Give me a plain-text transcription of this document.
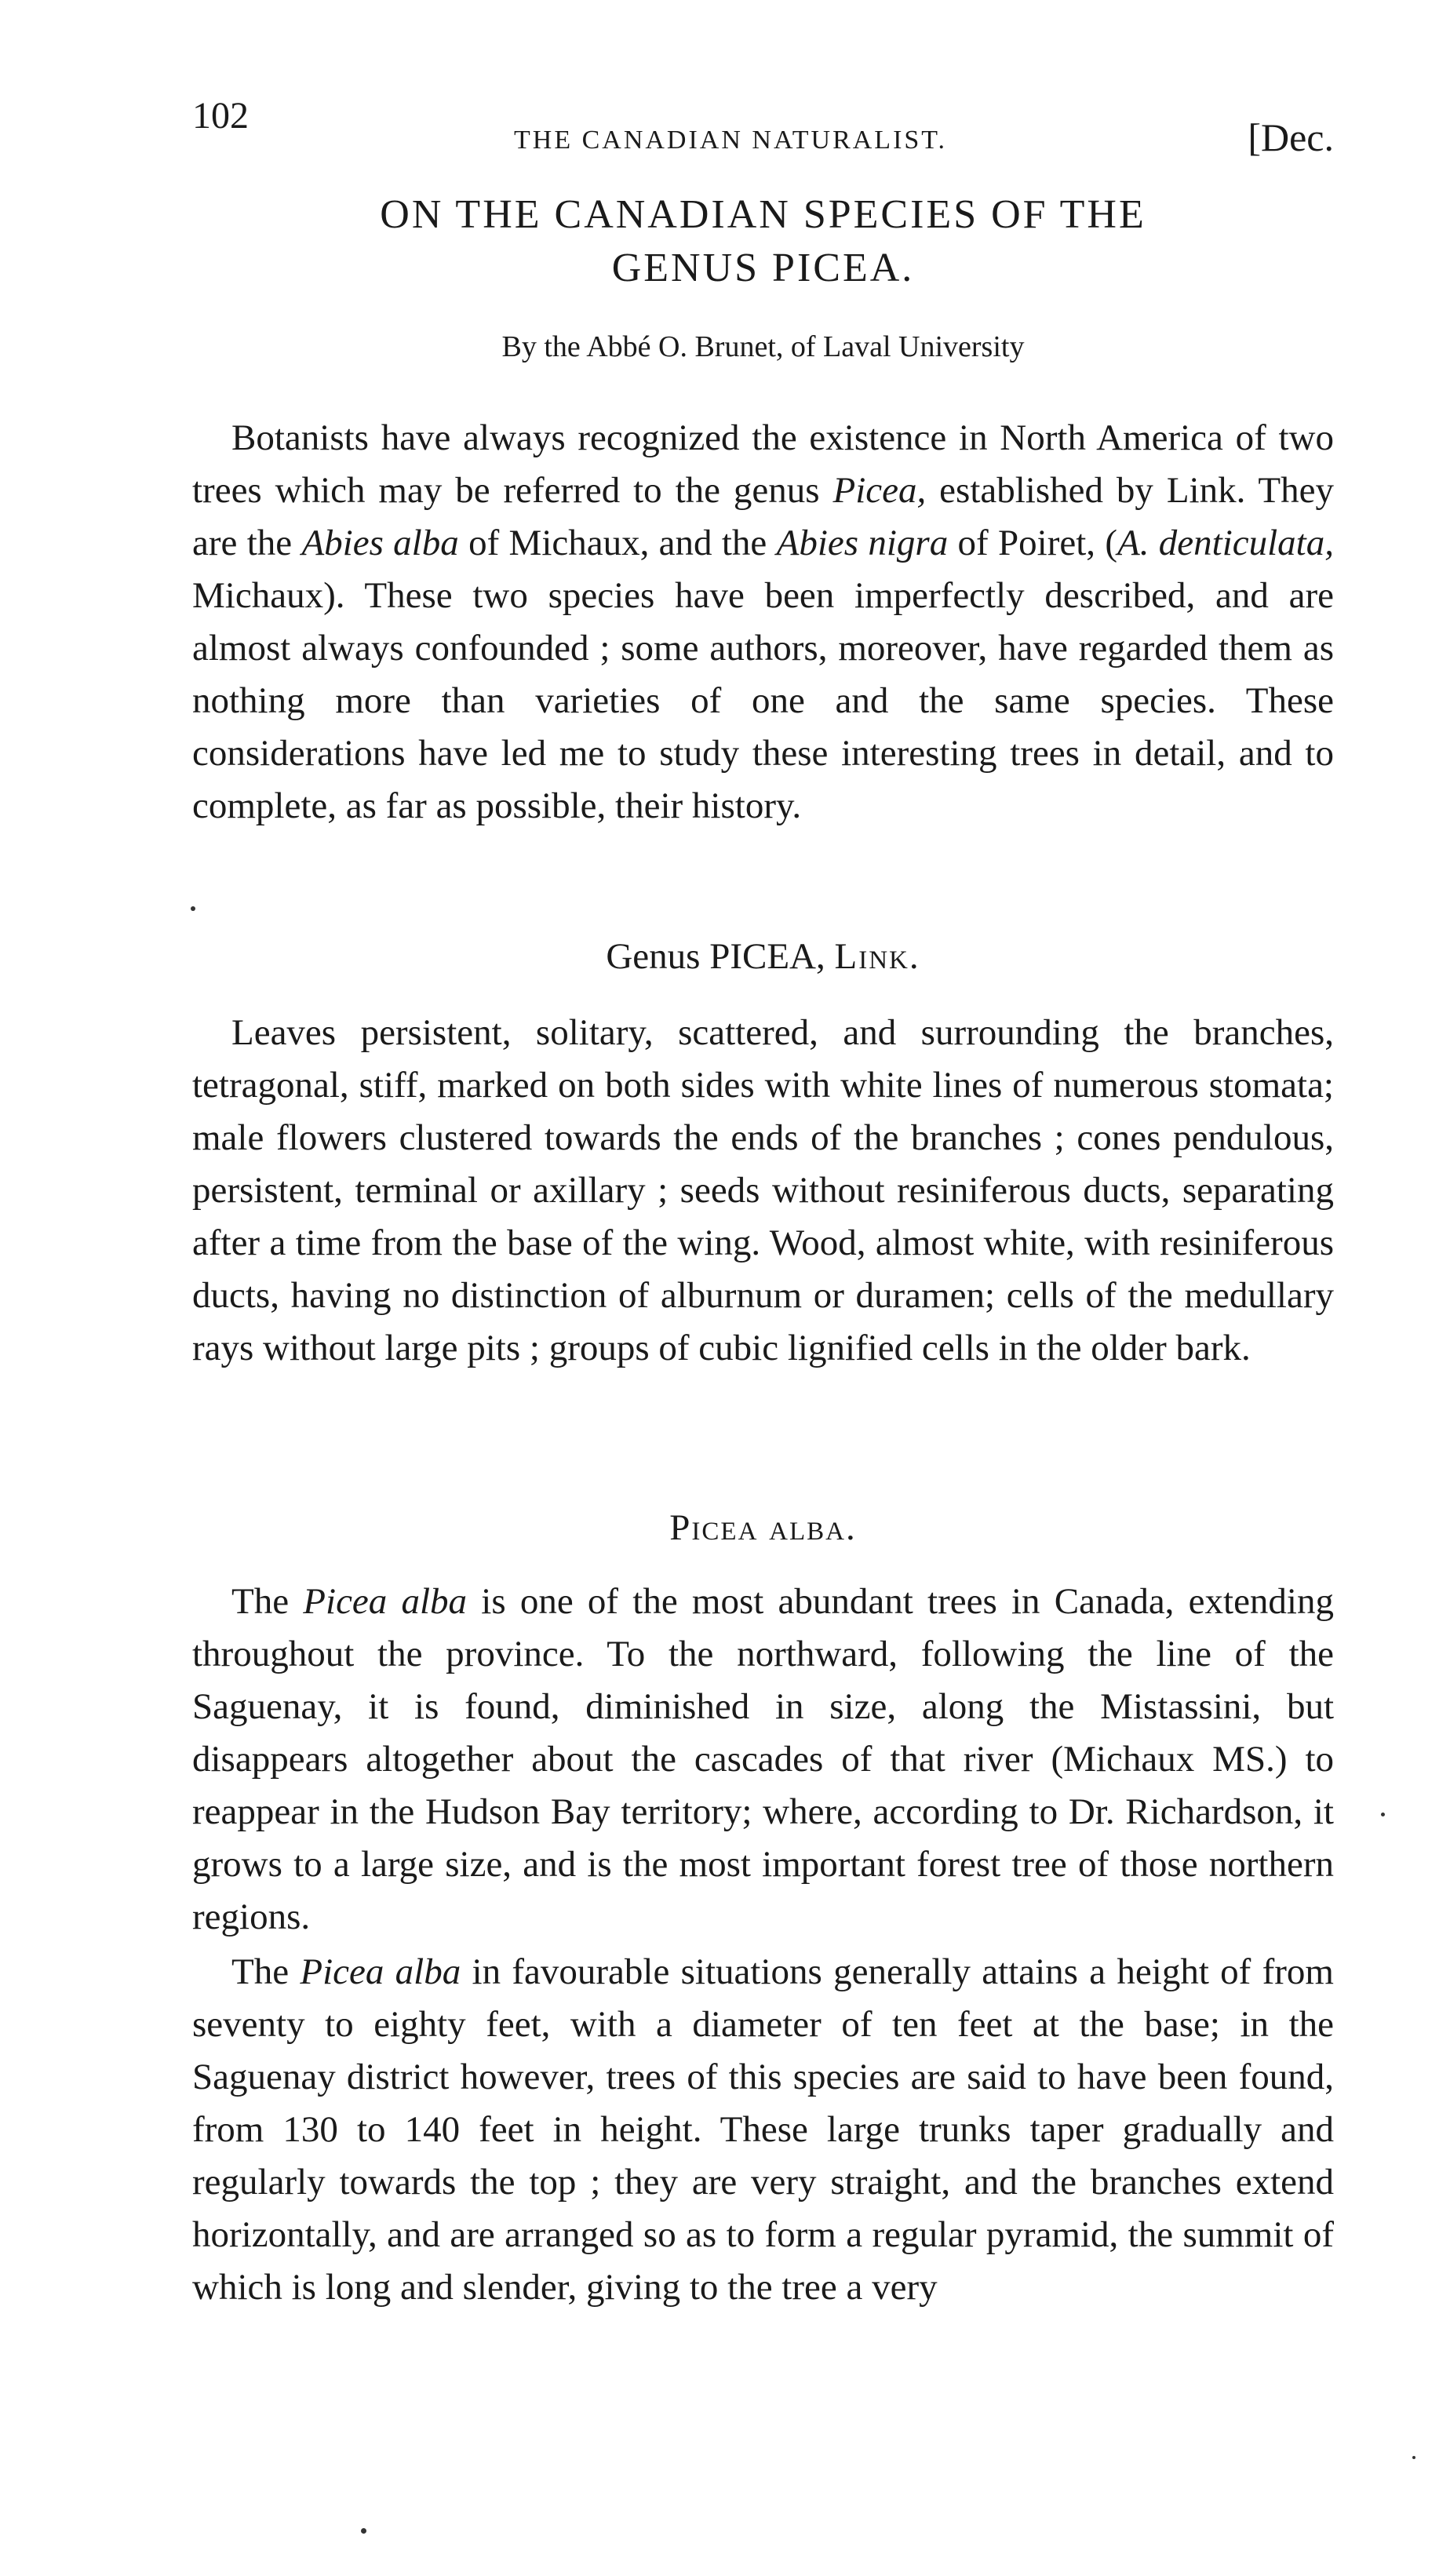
102
THE CANADIAN NATURALIST.	[Dec.
ON THE CANADIAN SPECIES OF THE
GENUS PICEA.
By the Abbé O. Brunet, of Laval University

Botanists have always recognized the existence in North America of two trees which may be referred to the genus Picea, established by Link. They are the Abies alba of Michaux, and the Abies nigra of Poiret, (A. denticulata, Michaux). These two species have been imperfectly described, and are almost always confounded ; some authors, moreover, have regarded them as nothing more than varieties of one and the same species. These considerations have led me to study these interesting trees in detail, and to complete, as far as possible, their history.

Genus PICEA, Link.

Leaves persistent, solitary, scattered, and surrounding the branches, tetragonal, stiff, marked on both sides with white lines of numerous stomata; male flowers clustered towards the ends of the branches ; cones pendulous, persistent, terminal or axillary ; seeds without resiniferous ducts, separating after a time from the base of the wing. Wood, almost white, with resiniferous ducts, having no distinction of alburnum or duramen; cells of the medullary rays without large pits ; groups of cubic lignified cells in the older bark.

Picea alba.

The Picea alba is one of the most abundant trees in Canada, extending throughout the province. To the northward, following the line of the Saguenay, it is found, diminished in size, along the Mistassini, but disappears altogether about the cascades of that river (Michaux MS.) to reappear in the Hudson Bay territory; where, according to Dr. Richardson, it grows to a large size, and is the most important forest tree of those northern regions.

The Picea alba in favourable situations generally attains a height of from seventy to eighty feet, with a diameter of ten feet at the base; in the Saguenay district however, trees of this species are said to have been found, from 130 to 140 feet in height. These large trunks taper gradually and regularly towards the top ; they are very straight, and the branches extend horizontally, and are arranged so as to form a regular pyramid, the summit of which is long and slender, giving to the tree a very
